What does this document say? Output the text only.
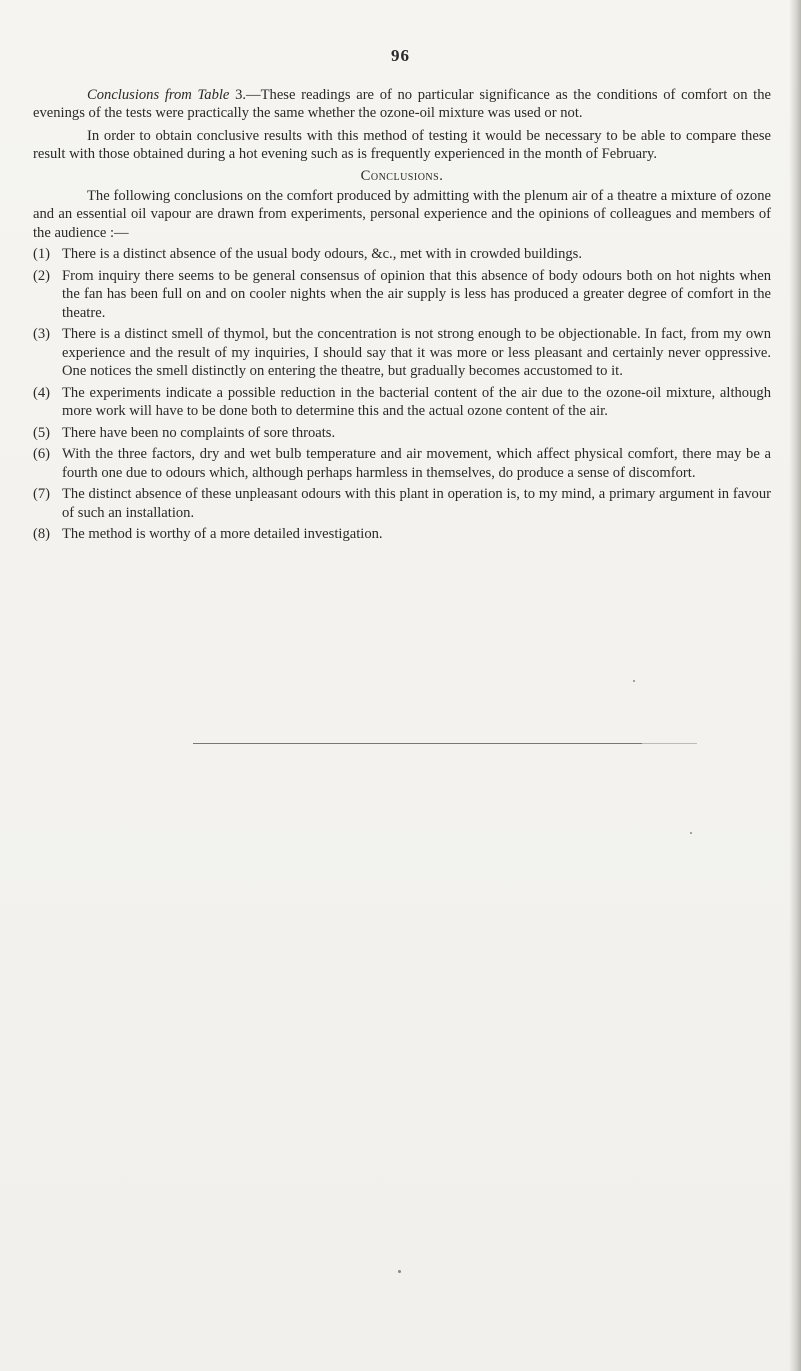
96

Conclusions from Table 3.—These readings are of no particular significance as the conditions of comfort on the evenings of the tests were practically the same whether the ozone-oil mixture was used or not.

In order to obtain conclusive results with this method of testing it would be necessary to be able to compare these result with those obtained during a hot evening such as is frequently experienced in the month of February.

Conclusions.

The following conclusions on the comfort produced by admitting with the plenum air of a theatre a mixture of ozone and an essential oil vapour are drawn from experiments, personal experience and the opinions of colleagues and members of the audience :—

(1) There is a distinct absence of the usual body odours, &c., met with in crowded buildings.
(2) From inquiry there seems to be general consensus of opinion that this absence of body odours both on hot nights when the fan has been full on and on cooler nights when the air supply is less has produced a greater degree of comfort in the theatre.
(3) There is a distinct smell of thymol, but the concentration is not strong enough to be objectionable. In fact, from my own experience and the result of my inquiries, I should say that it was more or less pleasant and certainly never oppressive. One notices the smell distinctly on entering the theatre, but gradually becomes accustomed to it.
(4) The experiments indicate a possible reduction in the bacterial content of the air due to the ozone-oil mixture, although more work will have to be done both to determine this and the actual ozone content of the air.
(5) There have been no complaints of sore throats.
(6) With the three factors, dry and wet bulb temperature and air movement, which affect physical comfort, there may be a fourth one due to odours which, although perhaps harmless in themselves, do produce a sense of discomfort.
(7) The distinct absence of these unpleasant odours with this plant in operation is, to my mind, a primary argument in favour of such an installation.
(8) The method is worthy of a more detailed investigation.
